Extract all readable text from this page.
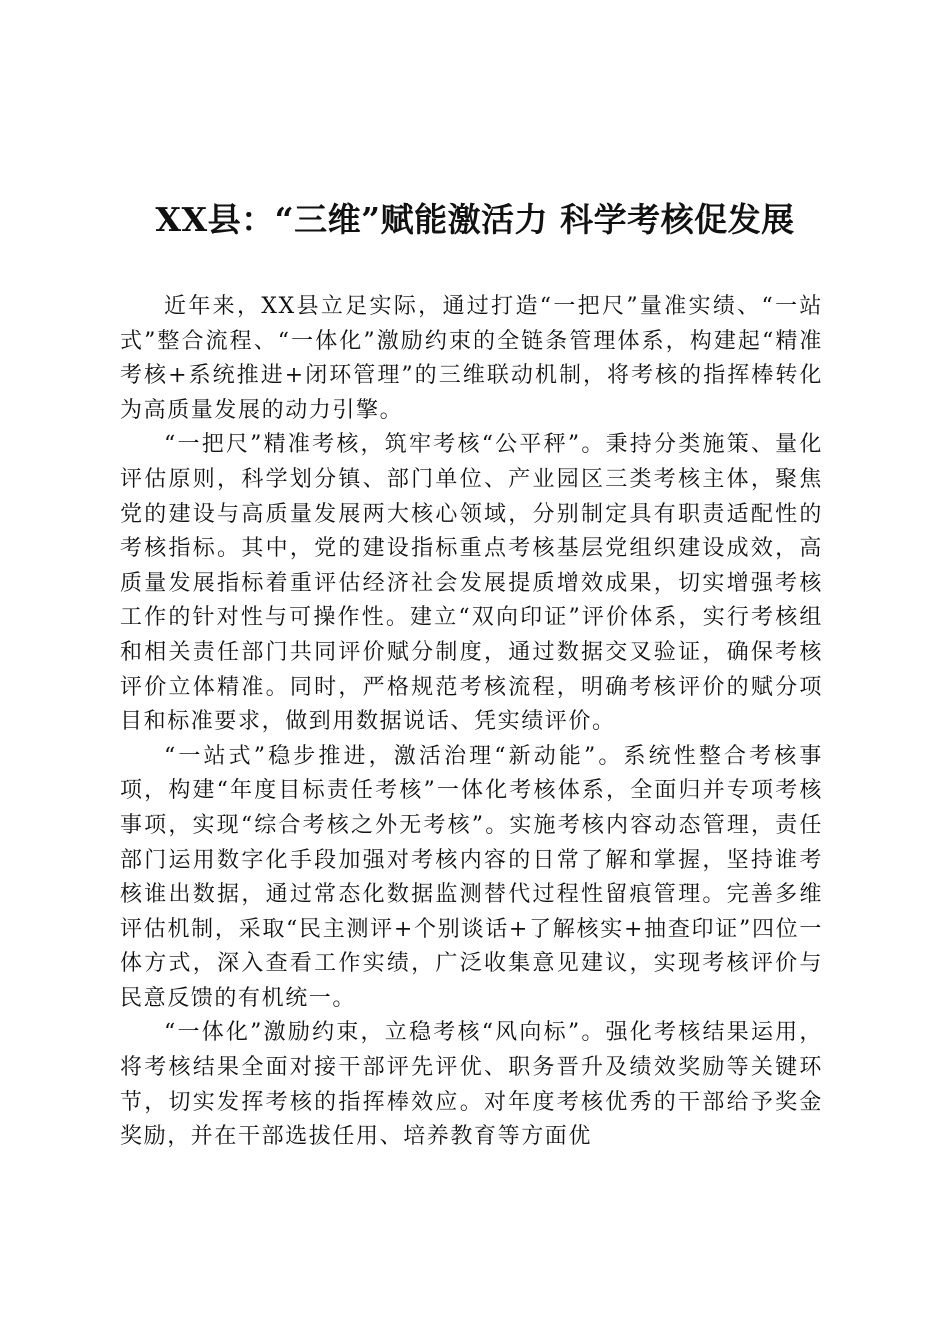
XX县：“三维”赋能激活力 科学考核促发展

近年来，XX县立足实际，通过打造“一把尺”量准实绩、“一站式”整合流程、“一体化”激励约束的全链条管理体系，构建起“精准考核+系统推进+闭环管理”的三维联动机制，将考核的指挥棒转化为高质量发展的动力引擎。

“一把尺”精准考核，筑牢考核“公平秤”。秉持分类施策、量化评估原则，科学划分镇、部门单位、产业园区三类考核主体，聚焦党的建设与高质量发展两大核心领域，分别制定具有职责适配性的考核指标。其中，党的建设指标重点考核基层党组织建设成效，高质量发展指标着重评估经济社会发展提质增效成果，切实增强考核工作的针对性与可操作性。建立“双向印证”评价体系，实行考核组和相关责任部门共同评价赋分制度，通过数据交叉验证，确保考核评价立体精准。同时，严格规范考核流程，明确考核评价的赋分项目和标准要求，做到用数据说话、凭实绩评价。

“一站式”稳步推进，激活治理“新动能”。系统性整合考核事项，构建“年度目标责任考核”一体化考核体系，全面归并专项考核事项，实现“综合考核之外无考核”。实施考核内容动态管理，责任部门运用数字化手段加强对考核内容的日常了解和掌握，坚持谁考核谁出数据，通过常态化数据监测替代过程性留痕管理。完善多维评估机制，采取“民主测评+个别谈话+了解核实+抽查印证”四位一体方式，深入查看工作实绩，广泛收集意见建议，实现考核评价与民意反馈的有机统一。

“一体化”激励约束，立稳考核“风向标”。强化考核结果运用，将考核结果全面对接干部评先评优、职务晋升及绩效奖励等关键环节，切实发挥考核的指挥棒效应。对年度考核优秀的干部给予奖金奖励，并在干部选拔任用、培养教育等方面优
